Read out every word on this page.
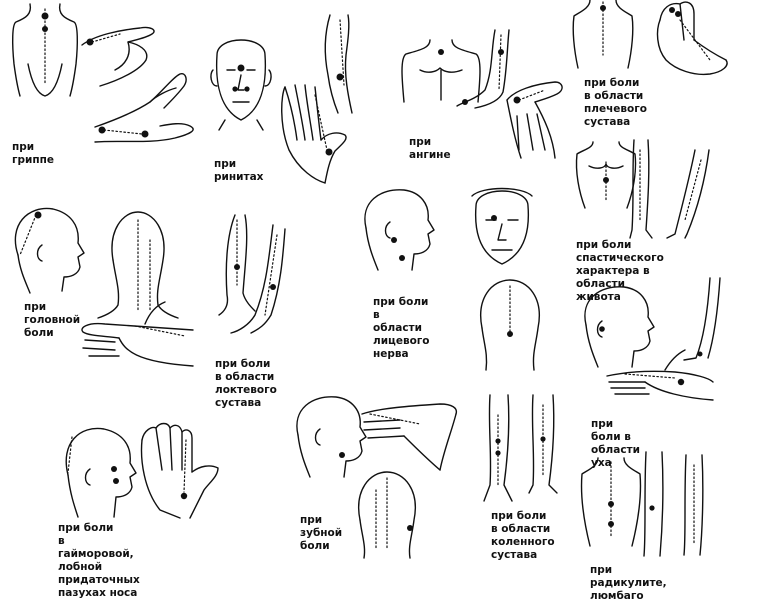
при гриппе	при
ринитах
при ангине
при боли
в области
плечевого сустава
при
головной
боли
при боли
в области
локтевого
сустава
при боли
в области
лицевого
нерва
при боли спастического
характера в области живота
при боли в области уха
при боли
в гайморовой, лобной
придаточных пазухах носа
при
зубной
боли
при боли
в области
коленного
сустава
при радикулите, люмбаго
